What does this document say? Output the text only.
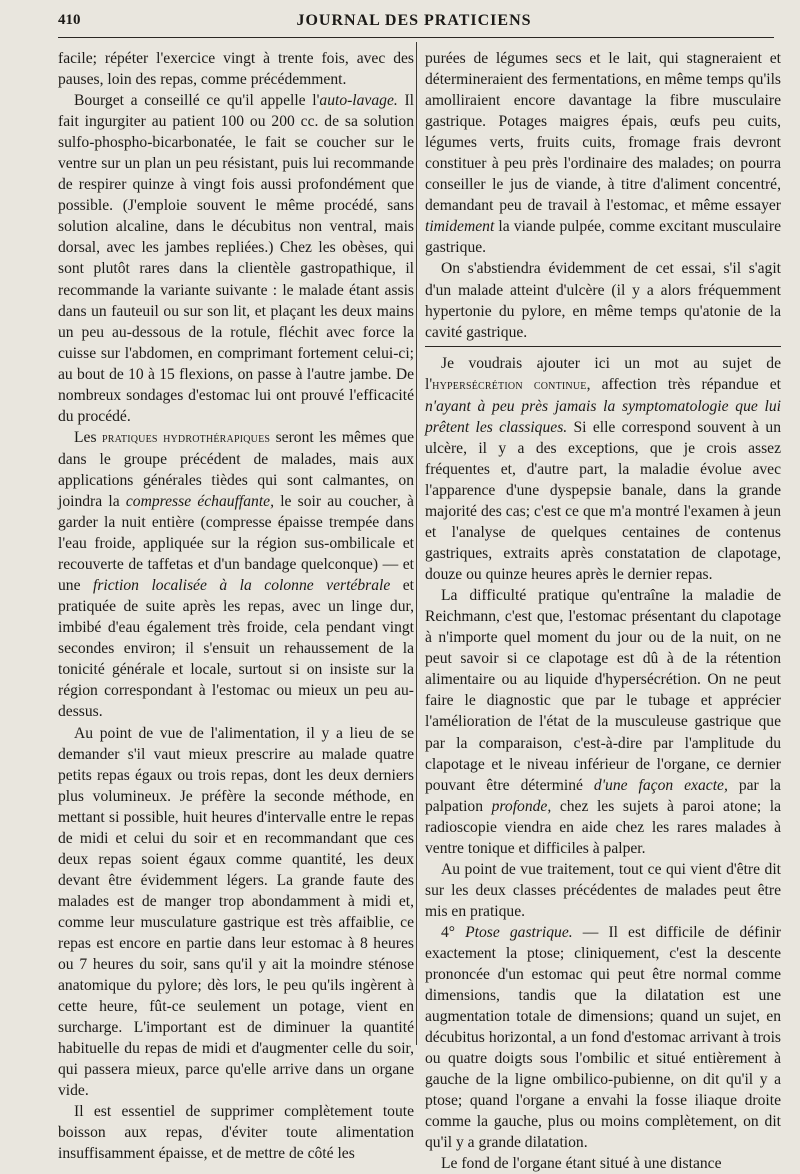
410	JOURNAL DES PRATICIENS

facile; répéter l'exercice vingt à trente fois, avec des pauses, loin des repas, comme précédemment.

Bourget a conseillé ce qu'il appelle l'auto-lavage. Il fait ingurgiter au patient 100 ou 200 cc. de sa solution sulfo-phospho-bicarbonatée, le fait se coucher sur le ventre sur un plan un peu résistant, puis lui recommande de respirer quinze à vingt fois aussi profondément que possible. (J'emploie souvent le même procédé, sans solution alcaline, dans le décubitus non ventral, mais dorsal, avec les jambes repliées.) Chez les obèses, qui sont plutôt rares dans la clientèle gastropathique, il recommande la variante suivante : le malade étant assis dans un fauteuil ou sur son lit, et plaçant les deux mains un peu au-dessous de la rotule, fléchit avec force la cuisse sur l'abdomen, en comprimant fortement celui-ci; au bout de 10 à 15 flexions, on passe à l'autre jambe. De nombreux sondages d'estomac lui ont prouvé l'efficacité du procédé.

Les pratiques hydrothérapiques seront les mêmes que dans le groupe précédent de malades, mais aux applications générales tièdes qui sont calmantes, on joindra la compresse échauffante, le soir au coucher, à garder la nuit entière (compresse épaisse trempée dans l'eau froide, appliquée sur la région sus-ombilicale et recouverte de taffetas et d'un bandage quelconque) — et une friction localisée à la colonne vertébrale et pratiquée de suite après les repas, avec un linge dur, imbibé d'eau également très froide, cela pendant vingt secondes environ; il s'ensuit un rehaussement de la tonicité générale et locale, surtout si on insiste sur la région correspondant à l'estomac ou mieux un peu au-dessus.

Au point de vue de l'alimentation, il y a lieu de se demander s'il vaut mieux prescrire au malade quatre petits repas égaux ou trois repas, dont les deux derniers plus volumineux. Je préfère la seconde méthode, en mettant si possible, huit heures d'intervalle entre le repas de midi et celui du soir et en recommandant que ces deux repas soient égaux comme quantité, les deux devant être évidemment légers. La grande faute des malades est de manger trop abondamment à midi et, comme leur musculature gastrique est très affaiblie, ce repas est encore en partie dans leur estomac à 8 heures ou 7 heures du soir, sans qu'il y ait la moindre sténose anatomique du pylore; dès lors, le peu qu'ils ingèrent à cette heure, fût-ce seulement un potage, vient en surcharge. L'important est de diminuer la quantité habituelle du repas de midi et d'augmenter celle du soir, qui passera mieux, parce qu'elle arrive dans un organe vide.

Il est essentiel de supprimer complètement toute boisson aux repas, d'éviter toute alimentation insuffisamment épaisse, et de mettre de côté les

purées de légumes secs et le lait, qui stagneraient et détermineraient des fermentations, en même temps qu'ils amolliraient encore davantage la fibre musculaire gastrique. Potages maigres épais, œufs peu cuits, légumes verts, fruits cuits, fromage frais devront constituer à peu près l'ordinaire des malades; on pourra conseiller le jus de viande, à titre d'aliment concentré, demandant peu de travail à l'estomac, et même essayer timidement la viande pulpée, comme excitant musculaire gastrique.

On s'abstiendra évidemment de cet essai, s'il s'agit d'un malade atteint d'ulcère (il y a alors fréquemment hypertonie du pylore, en même temps qu'atonie de la cavité gastrique.

Je voudrais ajouter ici un mot au sujet de l'hypersécrétion continue, affection très répandue et n'ayant à peu près jamais la symptomatologie que lui prêtent les classiques. Si elle correspond souvent à un ulcère, il y a des exceptions, que je crois assez fréquentes et, d'autre part, la maladie évolue avec l'apparence d'une dyspepsie banale, dans la grande majorité des cas; c'est ce que m'a montré l'examen à jeun et l'analyse de quelques centaines de contenus gastriques, extraits après constatation de clapotage, douze ou quinze heures après le dernier repas.

La difficulté pratique qu'entraîne la maladie de Reichmann, c'est que, l'estomac présentant du clapotage à n'importe quel moment du jour ou de la nuit, on ne peut savoir si ce clapotage est dû à de la rétention alimentaire ou au liquide d'hypersécrétion. On ne peut faire le diagnostic que par le tubage et apprécier l'amélioration de l'état de la musculeuse gastrique que par la comparaison, c'est-à-dire par l'amplitude du clapotage et le niveau inférieur de l'organe, ce dernier pouvant être déterminé d'une façon exacte, par la palpation profonde, chez les sujets à paroi atone; la radioscopie viendra en aide chez les rares malades à ventre tonique et difficiles à palper.

Au point de vue traitement, tout ce qui vient d'être dit sur les deux classes précédentes de malades peut être mis en pratique.

4° Ptose gastrique. — Il est difficile de définir exactement la ptose; cliniquement, c'est la descente prononcée d'un estomac qui peut être normal comme dimensions, tandis que la dilatation est une augmentation totale de dimensions; quand un sujet, en décubitus horizontal, a un fond d'estomac arrivant à trois ou quatre doigts sous l'ombilic et situé entièrement à gauche de la ligne ombilico-pubienne, on dit qu'il y a ptose; quand l'organe a envahi la fosse iliaque droite comme la gauche, plus ou moins complètement, on dit qu'il y a grande dilatation.

Le fond de l'organe étant situé à une distance
